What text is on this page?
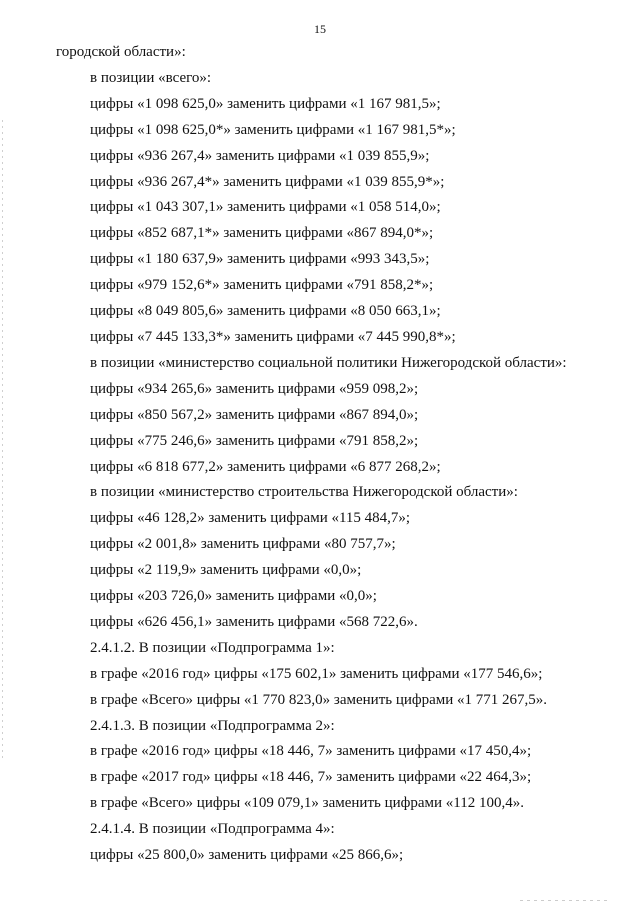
15
городской области»:
в позиции «всего»:
цифры «1 098 625,0» заменить цифрами «1 167 981,5»;
цифры «1 098 625,0*» заменить цифрами «1 167 981,5*»;
цифры «936 267,4» заменить цифрами «1 039 855,9»;
цифры «936 267,4*» заменить цифрами «1 039 855,9*»;
цифры «1 043 307,1» заменить цифрами «1 058 514,0»;
цифры «852 687,1*» заменить цифрами «867 894,0*»;
цифры «1 180 637,9» заменить цифрами «993 343,5»;
цифры «979 152,6*» заменить цифрами «791 858,2*»;
цифры «8 049 805,6» заменить цифрами «8 050 663,1»;
цифры «7 445 133,3*» заменить цифрами «7 445 990,8*»;
в позиции «министерство социальной политики Нижегородской области»:
цифры «934 265,6» заменить цифрами «959 098,2»;
цифры «850 567,2» заменить цифрами «867 894,0»;
цифры «775 246,6» заменить цифрами «791 858,2»;
цифры «6 818 677,2» заменить цифрами «6 877 268,2»;
в позиции «министерство строительства Нижегородской области»:
цифры «46 128,2» заменить цифрами «115 484,7»;
цифры «2 001,8» заменить цифрами «80 757,7»;
цифры «2 119,9» заменить цифрами «0,0»;
цифры «203 726,0» заменить цифрами «0,0»;
цифры «626 456,1» заменить цифрами «568 722,6».
2.4.1.2. В позиции «Подпрограмма 1»:
в графе «2016 год» цифры «175 602,1» заменить цифрами «177 546,6»;
в графе «Всего» цифры «1 770 823,0» заменить цифрами «1 771 267,5».
2.4.1.3. В позиции «Подпрограмма 2»:
в графе «2016 год» цифры «18 446, 7» заменить цифрами «17 450,4»;
в графе «2017 год» цифры «18 446, 7» заменить цифрами «22 464,3»;
в графе «Всего» цифры «109 079,1» заменить цифрами «112 100,4».
2.4.1.4. В позиции «Подпрограмма 4»:
цифры «25 800,0» заменить цифрами «25 866,6»;
